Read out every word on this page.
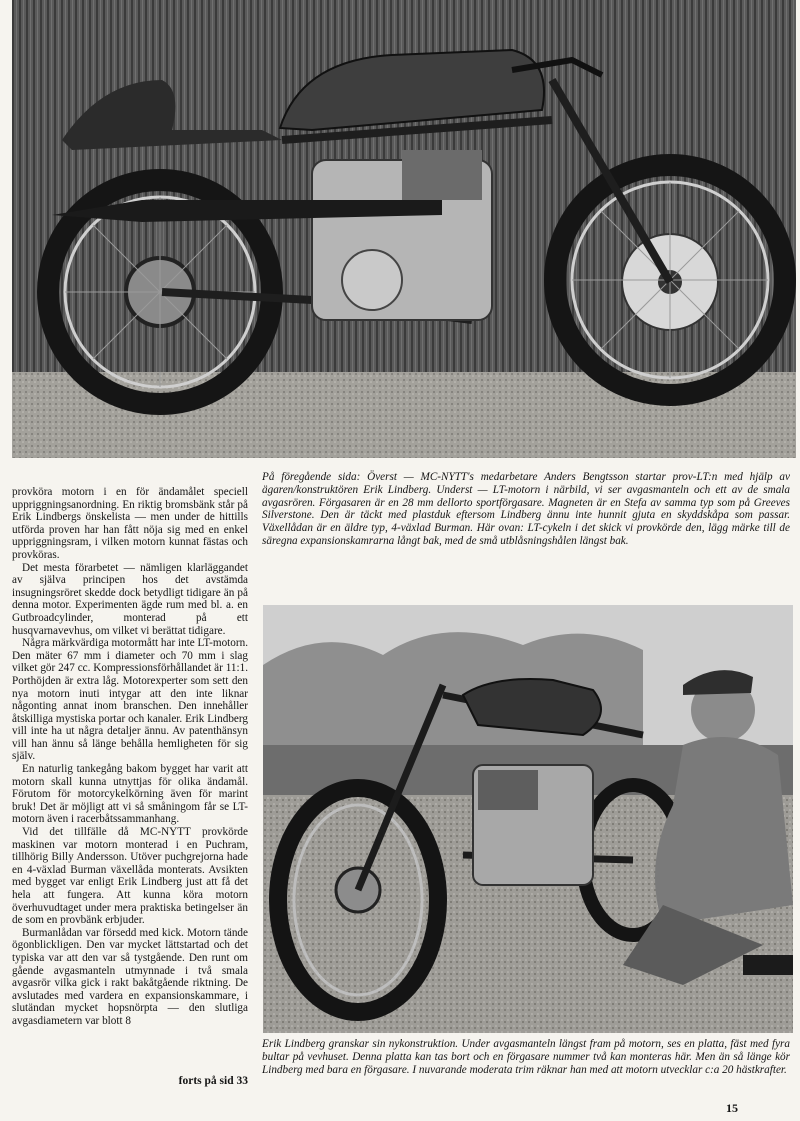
På föregående sida: Överst — MC-NYTT's medarbetare Anders Bengtsson startar prov-LT:n med hjälp av ägaren/konstruktören Erik Lindberg. Underst — LT-motorn i närbild, vi ser avgasmanteln och ett av de smala avgasrören. Förgasaren är en 28 mm dellorto sportförgasare. Magneten är en Stefa av samma typ som på Greeves Silverstone. Den är täckt med plastduk eftersom Lindberg ännu inte hunnit gjuta en skyddskåpa som passar. Växellådan är en äldre typ, 4-växlad Burman. Här ovan: LT-cykeln i det skick vi provkörde den, lägg märke till de säregna expansionskamrarna långt bak, med de små utblåsningshålen längst bak.

provköra motorn i en för ändamålet speciell uppriggningsanordning. En riktig bromsbänk står på Erik Lindbergs önskelista — men under de hittills utförda proven har han fått nöja sig med en enkel uppriggningsram, i vilken motorn kunnat fästas och provköras.

Det mesta förarbetet — nämligen klarläggandet av själva principen hos det avstämda insugningsröret skedde dock betydligt tidigare än på denna motor. Experimenten ägde rum med bl. a. en Gutbroadcylinder, monterad på ett husqvarnavevhus, om vilket vi berättat tidigare.

Några märkvärdiga motormått har inte LT-motorn. Den mäter 67 mm i diameter och 70 mm i slag vilket gör 247 cc. Kompressionsförhållandet är 11:1. Porthöjden är extra låg. Motorexperter som sett den nya motorn inuti intygar att den inte liknar någonting annat inom branschen. Den innehåller åtskilliga mystiska portar och kanaler. Erik Lindberg vill inte ha ut några detaljer ännu. Av patenthänsyn vill han ännu så länge behålla hemligheten för sig själv.

En naturlig tankegång bakom bygget har varit att motorn skall kunna utnyttjas för olika ändamål. Förutom för motorcykelkörning även för marint bruk! Det är möjligt att vi så småningom får se LT-motorn även i racerbåtssammanhang.

Vid det tillfälle då MC-NYTT provkörde maskinen var motorn monterad i en Puchram, tillhörig Billy Andersson. Utöver puchgrejorna hade en 4-växlad Burman växellåda monterats. Avsikten med bygget var enligt Erik Lindberg just att få det hela att fungera. Att kunna köra motorn överhuvudtaget under mera praktiska betingelser än de som en provbänk erbjuder.

Burmanlådan var försedd med kick. Motorn tände ögonblickligen. Den var mycket lättstartad och det typiska var att den var så tystgående. Den runt om gående avgasmanteln utmynnade i två smala avgasrör vilka gick i rakt bakåtgående riktning. De avslutades med vardera en expansionskammare, i slutändan mycket hopsnörpta — den slutliga avgasdiametern var blott 8

forts på sid 33
Erik Lindberg granskar sin nykonstruktion. Under avgasmanteln längst fram på motorn, ses en platta, fäst med fyra bultar på vevhuset. Denna platta kan tas bort och en förgasare nummer två kan monteras här. Men än så länge kör Lindberg med bara en förgasare. I nuvarande moderata trim räknar han med att motorn utvecklar c:a 20 hästkrafter.
15
